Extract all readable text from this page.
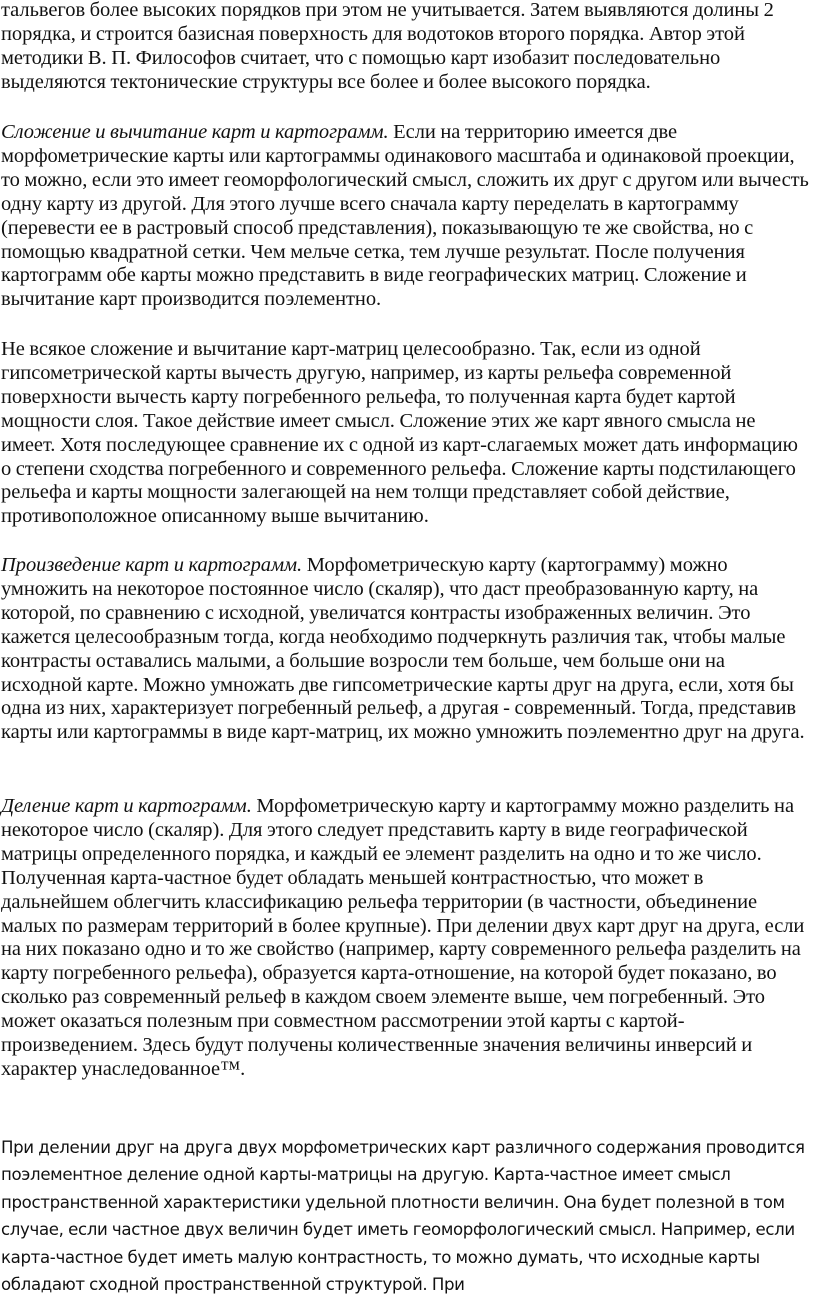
тальвегов более высоких порядков при этом не учитывается. Затем выявляются долины 2 порядка, и строится базисная поверхность для водотоков второго порядка. Автор этой методики В. П. Философов считает, что с помощью карт изобазит последовательно выделяются тектонические структуры все более и более высокого порядка.

Сложение и вычитание карт и картограмм. Если на территорию имеется две морфометрические карты или картограммы одинакового масштаба и одинаковой проекции, то можно, если это имеет геоморфологический смысл, сложить их друг с другом или вычесть одну карту из другой. Для этого лучше всего сначала карту переделать в картограмму (перевести ее в растровый способ представления), показывающую те же свойства, но с помощью квадратной сетки. Чем мельче сетка, тем лучше результат. После получения картограмм обе карты можно представить в виде географических матриц. Сложение и вычитание карт производится поэлементно.

Не всякое сложение и вычитание карт-матриц целесообразно. Так, если из одной гипсометрической карты вычесть другую, например, из карты рельефа современной поверхности вычесть карту погребенного рельефа, то полученная карта будет картой мощности слоя. Такое действие имеет смысл. Сложение этих же карт явного смысла не имеет. Хотя последующее сравнение их с одной из карт-слагаемых может дать информацию о степени сходства погребенного и современного рельефа. Сложение карты подстилающего рельефа и карты мощности залегающей на нем толщи представляет собой действие, противоположное описанному выше вычитанию.

Произведение карт и картограмм. Морфометрическую карту (картограмму) можно умножить на некоторое постоянное число (скаляр), что даст преобразованную карту, на которой, по сравнению с исходной, увеличатся контрасты изображенных величин. Это кажется целесообразным тогда, когда необходимо подчеркнуть различия так, чтобы малые контрасты оставались малыми, а большие возросли тем больше, чем больше они на исходной карте. Можно умножать две гипсометрические карты друг на друга, если, хотя бы одна из них, характеризует погребенный рельеф, а другая - современный. Тогда, представив карты или картограммы в виде карт-матриц, их можно умножить поэлементно друг на друга.

Деление карт и картограмм. Морфометрическую карту и картограмму можно разделить на некоторое число (скаляр). Для этого следует представить карту в виде географической матрицы определенного порядка, и каждый ее элемент разделить на одно и то же число. Полученная карта-частное будет обладать меньшей контрастностью, что может в дальнейшем облегчить классификацию рельефа территории (в частности, объединение малых по размерам территорий в более крупные). При делении двух карт друг на друга, если на них показано одно и то же свойство (например, карту современного рельефа разделить на карту погребенного рельефа), образуется карта-отношение, на которой будет показано, во сколько раз современный рельеф в каждом своем элементе выше, чем погребенный. Это может оказаться полезным при совместном рассмотрении этой карты с картой-произведением. Здесь будут получены количественные значения величины инверсий и характер унаследованное™.

При делении друг на друга двух морфометрических карт различного содержания проводится поэлементное деление одной карты-матрицы на другую. Карта-частное имеет смысл пространственной характеристики удельной плотности величин. Она будет полезной в том случае, если частное двух величин будет иметь геоморфологический смысл. Например, если карта-частное будет иметь малую контрастность, то можно думать, что исходные карты обладают сходной пространственной структурой. При
